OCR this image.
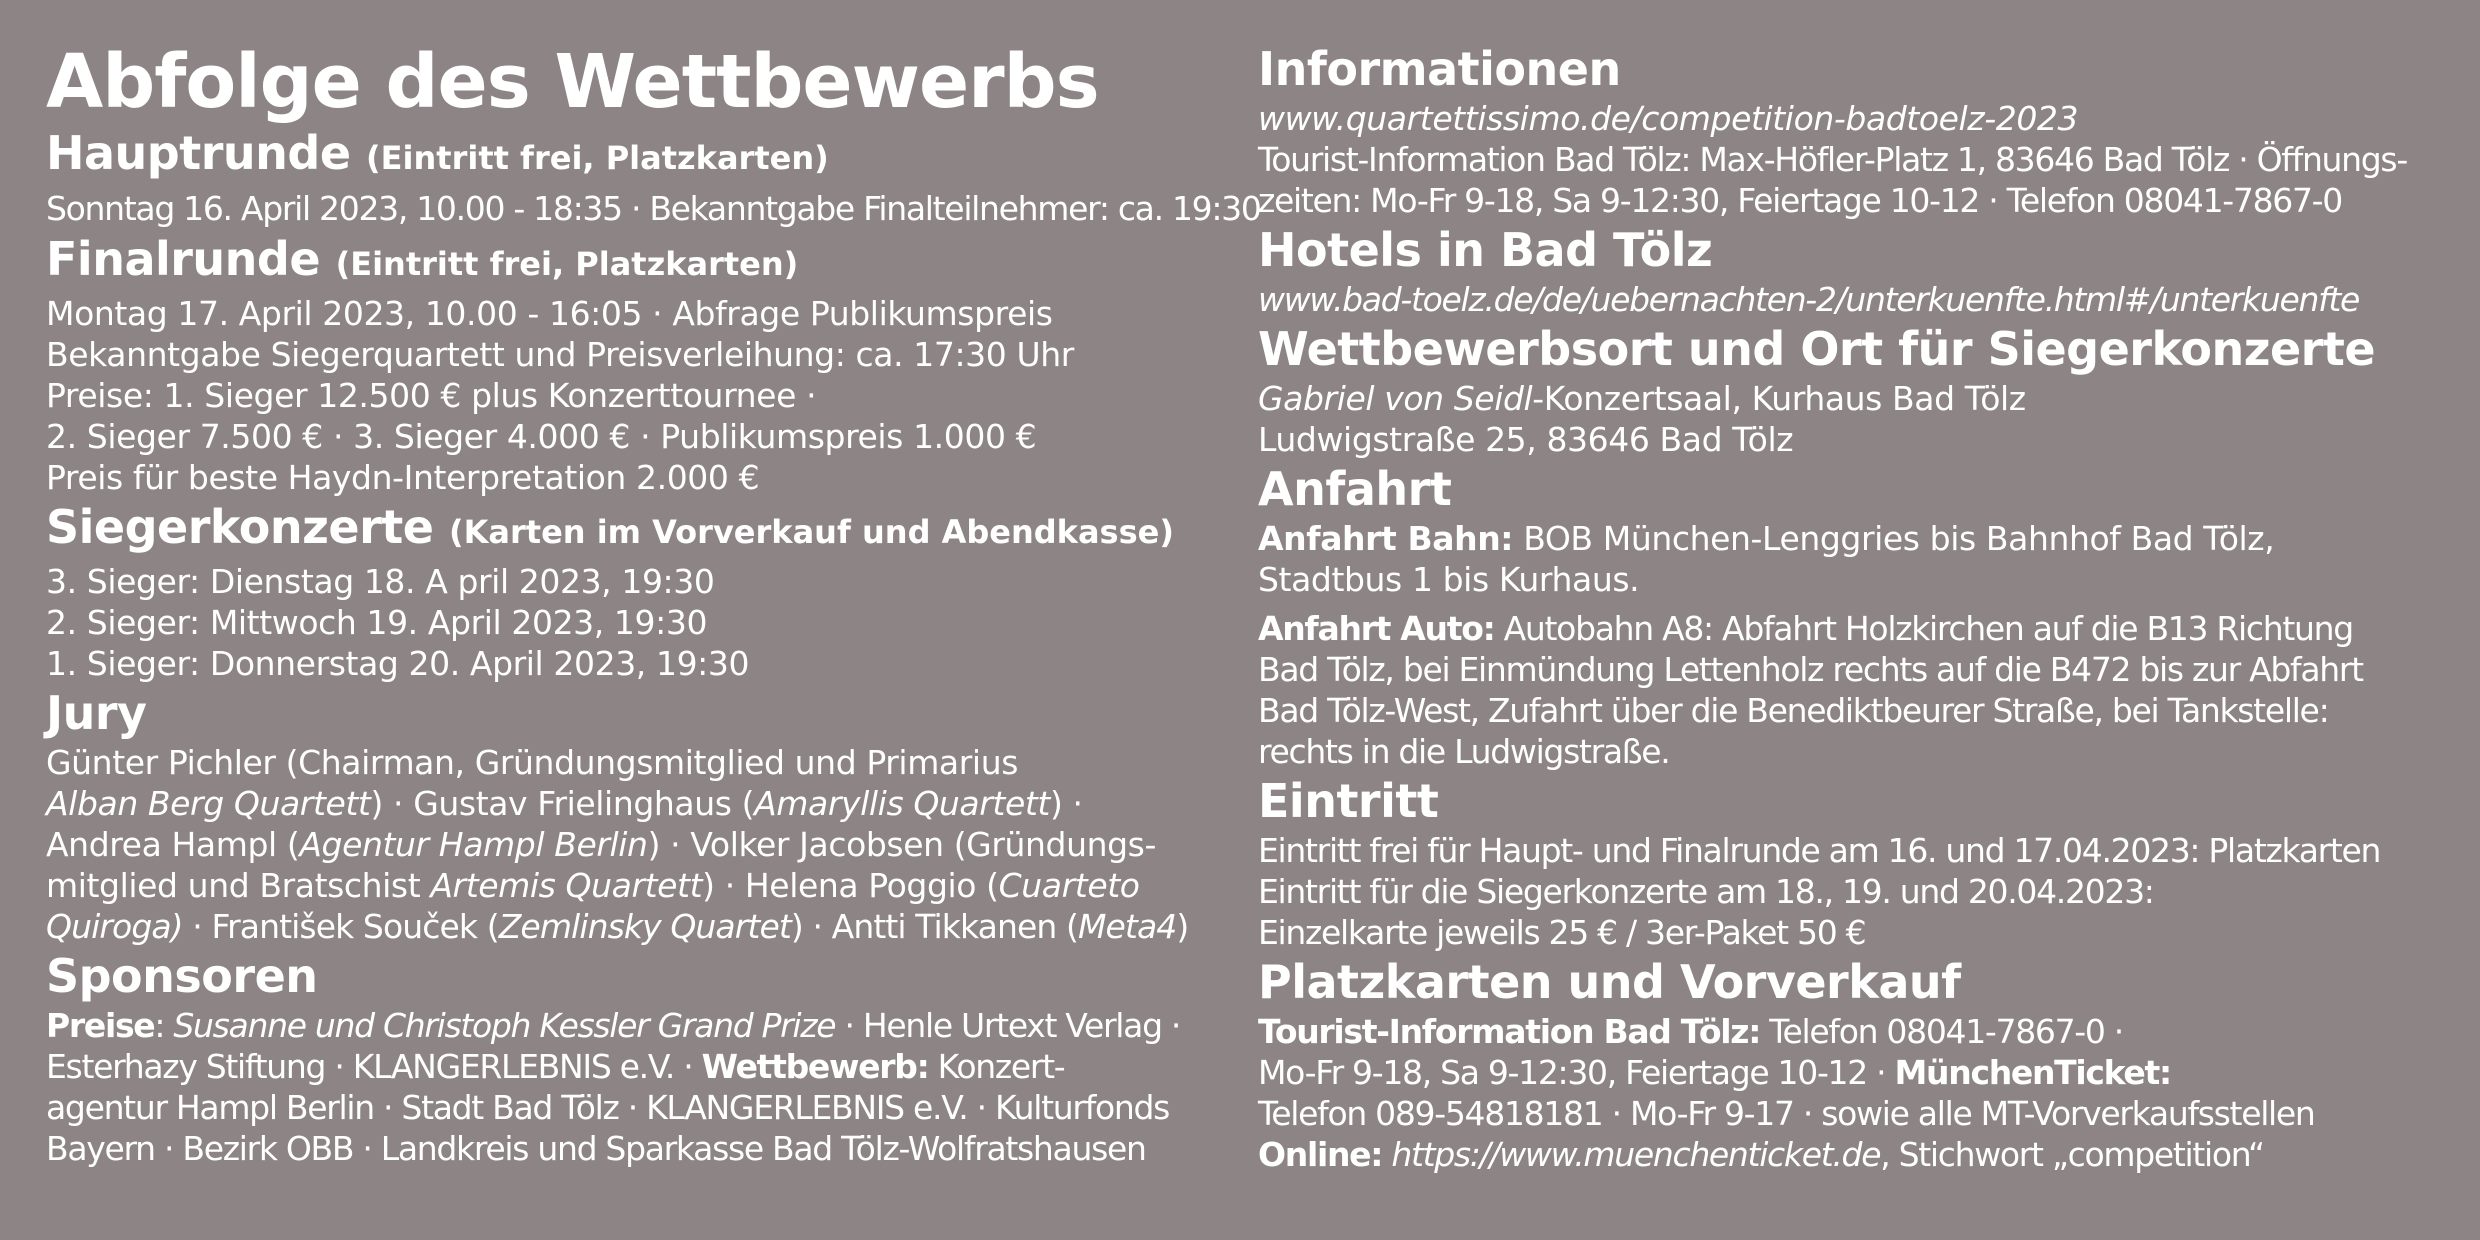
Abfolge des Wettbewerbs
Hauptrunde (Eintritt frei, Platzkarten)
Sonntag 16. April 2023, 10.00 - 18:35 · Bekanntgabe Finalteilnehmer: ca. 19:30
Finalrunde (Eintritt frei, Platzkarten)
Montag 17. April 2023, 10.00 - 16:05 · Abfrage Publikumspreis
Bekanntgabe Siegerquartett und Preisverleihung: ca. 17:30 Uhr
Preise: 1. Sieger 12.500 € plus Konzerttournee ·
2. Sieger 7.500 € · 3. Sieger 4.000 € · Publikumspreis 1.000 €
Preis für beste Haydn-Interpretation 2.000 €
Siegerkonzerte (Karten im Vorverkauf und Abendkasse)
3. Sieger: Dienstag 18. A pril 2023, 19:30
2. Sieger: Mittwoch 19. April 2023, 19:30
1. Sieger: Donnerstag 20. April 2023, 19:30
Jury
Günter Pichler (Chairman, Gründungsmitglied und Primarius
Alban Berg Quartett) · Gustav Frielinghaus (Amaryllis Quartett) ·
Andrea Hampl (Agentur Hampl Berlin) · Volker Jacobsen (Gründungs-
mitglied und Bratschist Artemis Quartett) · Helena Poggio (Cuarteto
Quiroga) · František Souček (Zemlinsky Quartet) · Antti Tikkanen (Meta4)
Sponsoren
Preise: Susanne und Christoph Kessler Grand Prize · Henle Urtext Verlag ·
Esterhazy Stiftung · KLANGERLEBNIS e.V. · Wettbewerb: Konzert-
agentur Hampl Berlin · Stadt Bad Tölz · KLANGERLEBNIS e.V. · Kulturfonds
Bayern · Bezirk OBB · Landkreis und Sparkasse Bad Tölz-Wolfratshausen
Informationen
www.quartettissimo.de/competition-badtoelz-2023
Tourist-Information Bad Tölz: Max-Höfler-Platz 1, 83646 Bad Tölz · Öffnungs-
zeiten: Mo-Fr 9-18, Sa 9-12:30, Feiertage 10-12 · Telefon 08041-7867-0
Hotels in Bad Tölz
www.bad-toelz.de/de/uebernachten-2/unterkuenfte.html#/unterkuenfte
Wettbewerbsort und Ort für Siegerkonzerte
Gabriel von Seidl-Konzertsaal, Kurhaus Bad Tölz
Ludwigstraße 25, 83646 Bad Tölz
Anfahrt
Anfahrt Bahn: BOB München-Lenggries bis Bahnhof Bad Tölz,
Stadtbus 1 bis Kurhaus.
Anfahrt Auto: Autobahn A8: Abfahrt Holzkirchen auf die B13 Richtung
Bad Tölz, bei Einmündung Lettenholz rechts auf die B472 bis zur Abfahrt
Bad Tölz-West, Zufahrt über die Benediktbeurer Straße, bei Tankstelle:
rechts in die Ludwigstraße.
Eintritt
Eintritt frei für Haupt- und Finalrunde am 16. und 17.04.2023: Platzkarten
Eintritt für die Siegerkonzerte am 18., 19. und 20.04.2023:
Einzelkarte jeweils 25 € / 3er-Paket 50 €
Platzkarten und Vorverkauf
Tourist-Information Bad Tölz: Telefon 08041-7867-0 ·
Mo-Fr 9-18, Sa 9-12:30, Feiertage 10-12 · MünchenTicket:
Telefon 089-54818181 · Mo-Fr 9-17 · sowie alle MT-Vorverkaufsstellen
Online: https://www.muenchenticket.de, Stichwort „competition“
